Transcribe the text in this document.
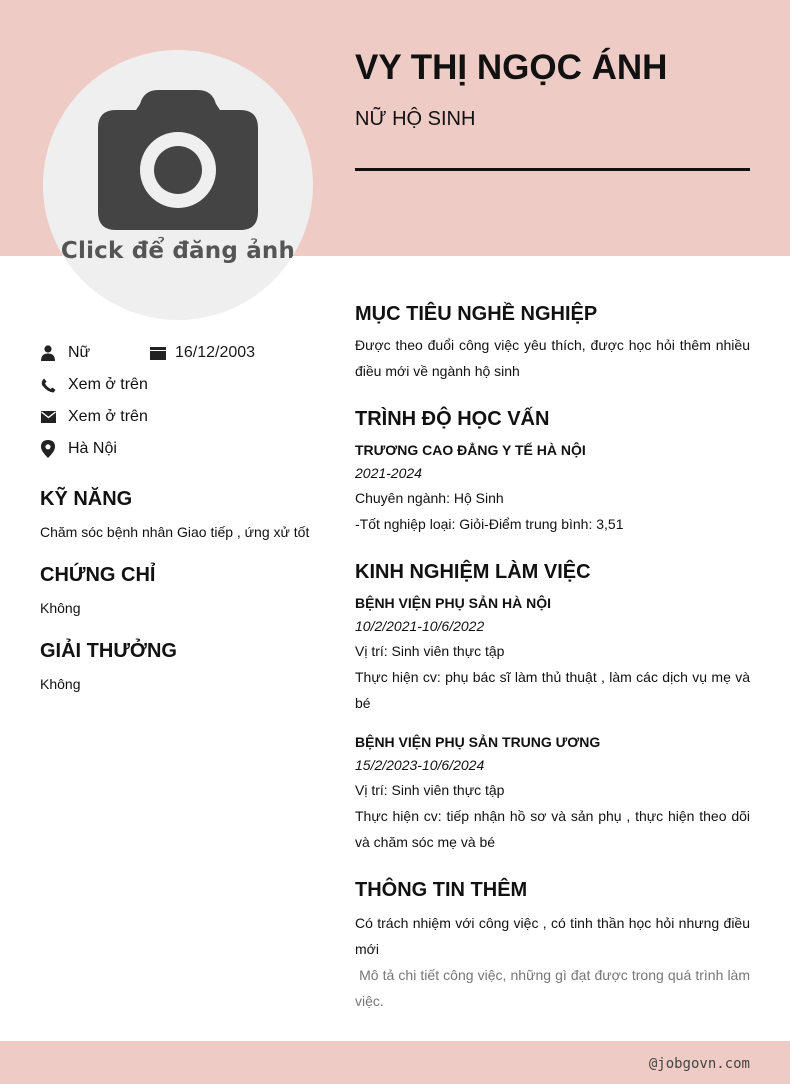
Click để đăng ảnh
VY THỊ NGỌC ÁNH
NỮ HỘ SINH
Nữ	16/12/2003
Xem ở trên
Xem ở trên
Hà Nội
KỸ NĂNG
Chăm sóc bệnh nhân Giao tiếp , ứng xử tốt
CHỨNG CHỈ
Không
GIẢI THƯỞNG
Không
MỤC TIÊU NGHỀ NGHIỆP
Được theo đuổi công việc yêu thích, được học hỏi thêm nhiều điều mới về ngành hộ sinh
TRÌNH ĐỘ HỌC VẤN
TRƯƠNG CAO ĐẲNG Y TẾ HÀ NỘI
2021-2024
Chuyên ngành: Hộ Sinh
-Tốt nghiệp loại: Giỏi-Điểm trung bình: 3,51
KINH NGHIỆM LÀM VIỆC
BỆNH VIỆN PHỤ SẢN HÀ NỘI
10/2/2021-10/6/2022
Vị trí: Sinh viên thực tập
Thực hiện cv: phụ bác sĩ làm thủ thuật , làm các dịch vụ mẹ và bé
BỆNH VIỆN PHỤ SẢN TRUNG ƯƠNG
15/2/2023-10/6/2024
Vị trí: Sinh viên thực tập
Thực hiện cv: tiếp nhận hồ sơ và sản phụ , thực hiện theo dõi và chăm sóc mẹ và bé
THÔNG TIN THÊM
Có trách nhiệm với công việc , có tinh thần học hỏi nhưng điều mới
Mô tả chi tiết công việc, những gì đạt được trong quá trình làm việc.
@jobgovn.com
